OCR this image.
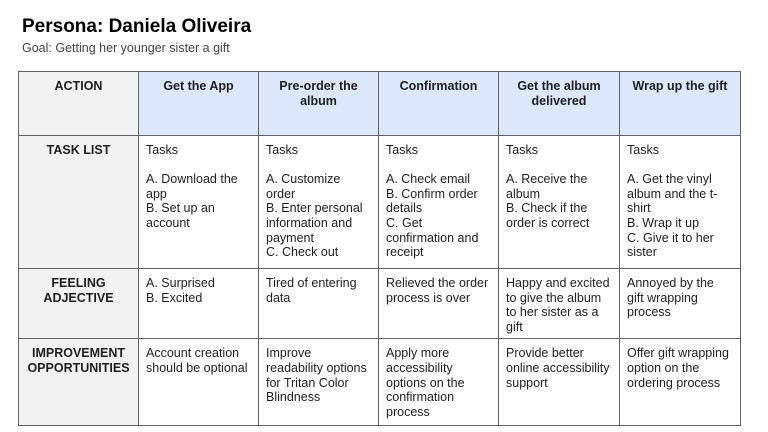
Persona: Daniela Oliveira
Goal: Getting her younger sister a gift
ACTION	Get the App	Pre-order the album	Confirmation	Get the album delivered	Wrap up the gift
TASK LIST	Tasks

A. Download the app
B. Set up an account	Tasks

A. Customize order
B. Enter personal information and payment
C. Check out	Tasks

A. Check email
B. Confirm order details
C. Get confirmation and receipt	Tasks

A. Receive the album
B. Check if the order is correct	Tasks

A. Get the vinyl album and the t-shirt
B. Wrap it up
C. Give it to her sister
FEELING ADJECTIVE	A. Surprised
B. Excited	Tired of entering data	Relieved the order process is over	Happy and excited to give the album to her sister as a gift	Annoyed by the gift wrapping process
IMPROVEMENT OPPORTUNITIES	Account creation should be optional	Improve readability options for Tritan Color Blindness	Apply more accessibility options on the confirmation process	Provide better online accessibility support	Offer gift wrapping option on the ordering process
